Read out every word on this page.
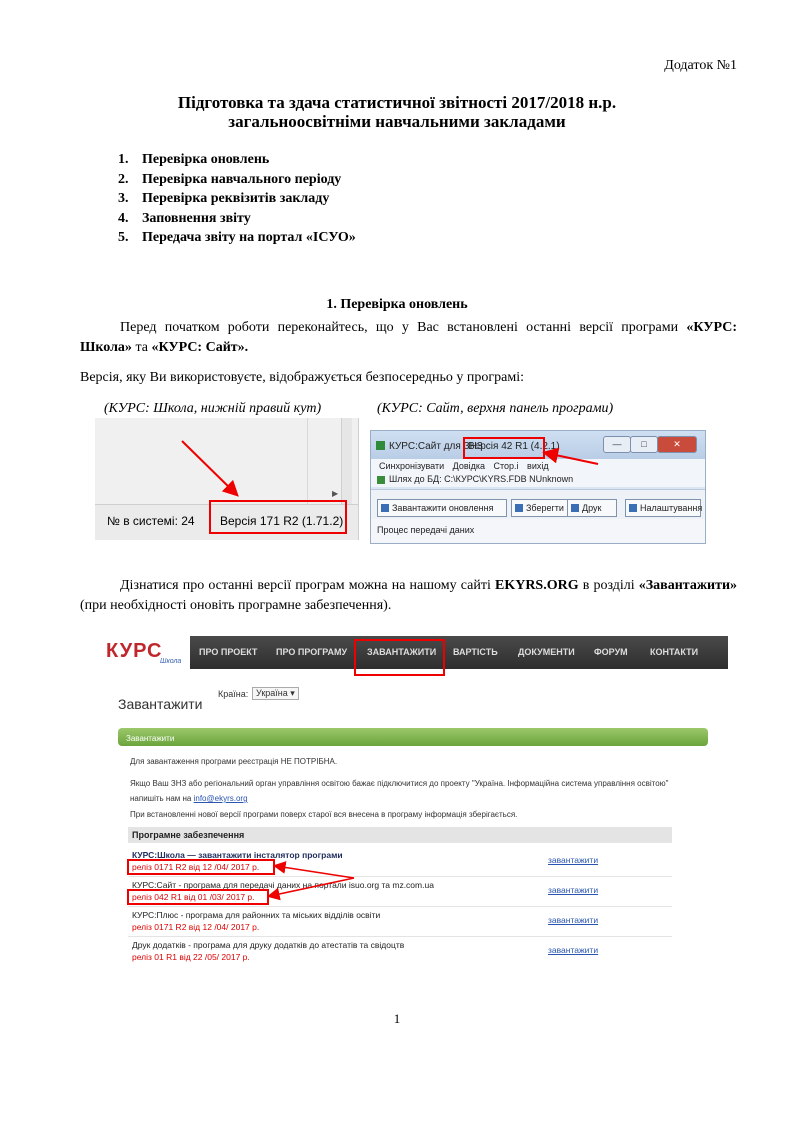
Додаток №1
Підготовка та здача статистичної звітності 2017/2018 н.р.
загальноосвітніми навчальними закладами
1. Перевірка оновлень
2. Перевірка навчального періоду
3. Перевірка реквізитів закладу
4. Заповнення звіту
5. Передача звіту на портал «ІСУО»
1. Перевірка оновлень
Перед початком роботи переконайтесь, що у Вас встановлені останні версії програми «КУРС: Школа» та «КУРС: Сайт».
Версія, яку Ви використовуєте, відображується безпосередньо у програмі:
(КУРС: Школа, нижній правий кут)	(КУРС: Сайт, верхня панель програми)
▶
№ в системі: 24 Версія 171 R2 (1.71.2)
КУРС:Сайт для ЗНЗ
Версія 42 R1 (4.2.1)	—	□	✕
Синхронізувати Довідка Стор.і вихід
Шлях до БД: C:\КУРС\KYRS.FDB NUnknown
Завантажити оновлення	Зберегти	Друк	Налаштування
Процес передачі даних
Дізнатися про останні версії програм можна на нашому сайті EKYRS.ORG в розділі «Завантажити» (при необхідності оновіть програмне забезпечення).
КУРС
Школа
ПРО ПРОЕКТ ПРО ПРОГРАМУ ЗАВАНТАЖИТИ ВАРТІСТЬ ДОКУМЕНТИ ФОРУМ КОНТАКТИ
Завантажити
Країна: Україна ▾
Завантажити
Для завантаження програми реєстрація НЕ ПОТРІБНА.
Якщо Ваш ЗНЗ або регіональний орган управління освітою бажає підключитися до проекту "Україна. Інформаційна система управління освітою" напишіть нам на info@ekyrs.org
При встановленні нової версії програми поверх старої вся внесена в програму інформація зберігається.
Програмне забезпечення
КУРС:Школа — завантажити інсталятор програми
реліз 0171 R2 від 12 /04/ 2017 р.
завантажити
КУРС:Сайт - програма для передачі даних на портали isuo.org та mz.com.ua
реліз 042 R1 від 01 /03/ 2017 р.
завантажити
КУРС:Плюс - програма для районних та міських відділів освіти
реліз 0171 R2 від 12 /04/ 2017 р.
завантажити
Друк додатків - програма для друку додатків до атестатів та свідоцтв
реліз 01 R1 від 22 /05/ 2017 р.
завантажити
1
